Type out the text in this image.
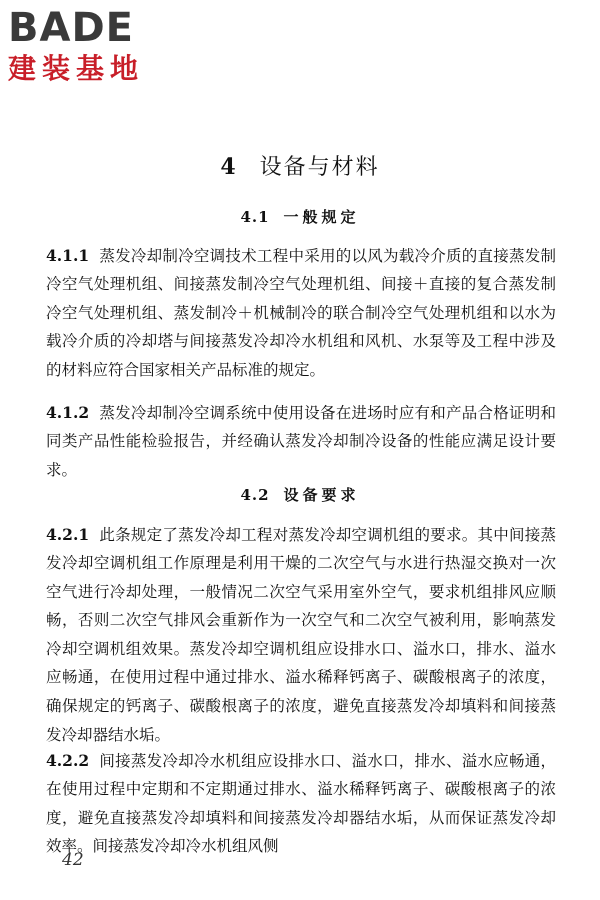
BADE
建装基地
4 设备与材料
4.1 一般规定

4.1.1 蒸发冷却制冷空调技术工程中采用的以风为载冷介质的直接蒸发制冷空气处理机组、间接蒸发制冷空气处理机组、间接＋直接的复合蒸发制冷空气处理机组、蒸发制冷＋机械制冷的联合制冷空气处理机组和以水为载冷介质的冷却塔与间接蒸发冷却冷水机组和风机、水泵等及工程中涉及的材料应符合国家相关产品标准的规定。

4.1.2 蒸发冷却制冷空调系统中使用设备在进场时应有和产品合格证明和同类产品性能检验报告，并经确认蒸发冷却制冷设备的性能应满足设计要求。

4.2 设备要求

4.2.1 此条规定了蒸发冷却工程对蒸发冷却空调机组的要求。其中间接蒸发冷却空调机组工作原理是利用干燥的二次空气与水进行热湿交换对一次空气进行冷却处理，一般情况二次空气采用室外空气，要求机组排风应顺畅，否则二次空气排风会重新作为一次空气和二次空气被利用，影响蒸发冷却空调机组效果。蒸发冷却空调机组应设排水口、溢水口，排水、溢水应畅通，在使用过程中通过排水、溢水稀释钙离子、碳酸根离子的浓度，确保规定的钙离子、碳酸根离子的浓度，避免直接蒸发冷却填料和间接蒸发冷却器结水垢。

4.2.2 间接蒸发冷却冷水机组应设排水口、溢水口，排水、溢水应畅通，在使用过程中定期和不定期通过排水、溢水稀释钙离子、碳酸根离子的浓度，避免直接蒸发冷却填料和间接蒸发冷却器结水垢，从而保证蒸发冷却效率。间接蒸发冷却冷水机组风侧

42
